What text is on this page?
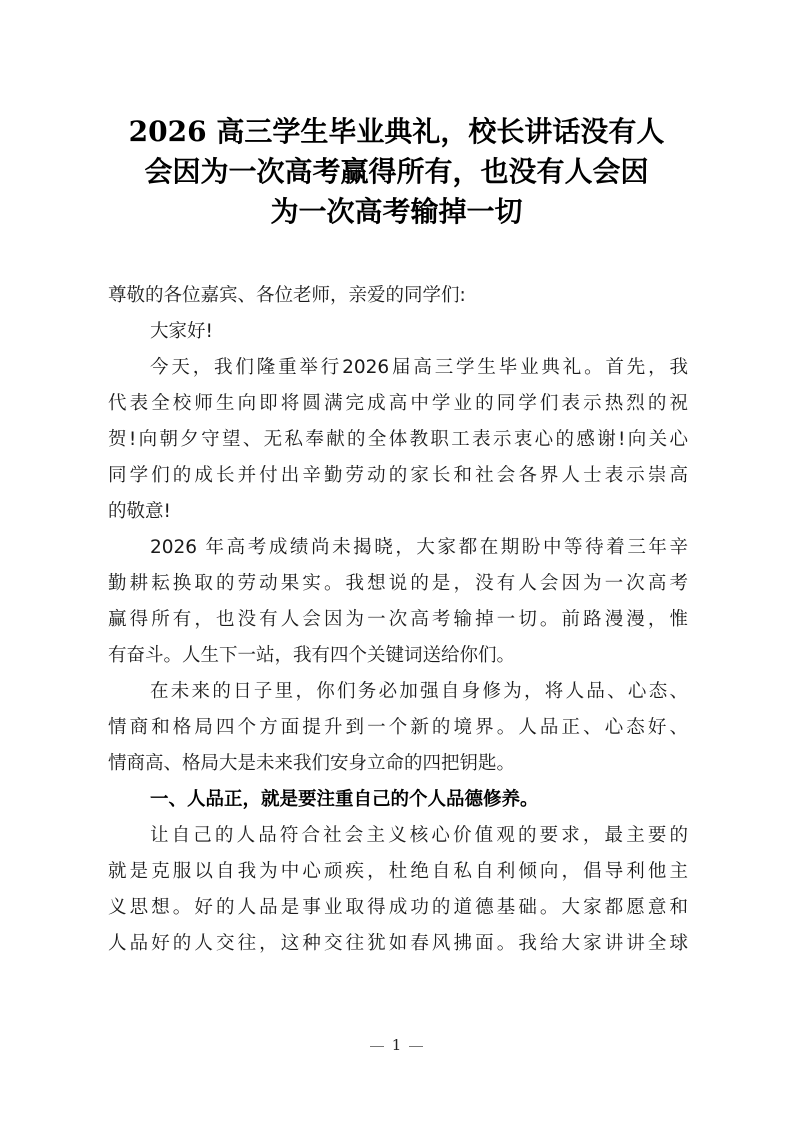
2026 高三学生毕业典礼，校长讲话没有人
会因为一次高考赢得所有，也没有人会因
为一次高考输掉一切
尊敬的各位嘉宾、各位老师，亲爱的同学们:
大家好!
今天，我们隆重举行2026届高三学生毕业典礼。首先，我
代表全校师生向即将圆满完成高中学业的同学们表示热烈的祝
贺!向朝夕守望、无私奉献的全体教职工表示衷心的感谢!向关心
同学们的成长并付出辛勤劳动的家长和社会各界人士表示崇高
的敬意!
2026 年高考成绩尚未揭晓，大家都在期盼中等待着三年辛
勤耕耘换取的劳动果实。我想说的是，没有人会因为一次高考
赢得所有，也没有人会因为一次高考输掉一切。前路漫漫，惟
有奋斗。人生下一站，我有四个关键词送给你们。
在未来的日子里，你们务必加强自身修为，将人品、心态、
情商和格局四个方面提升到一个新的境界。人品正、心态好、
情商高、格局大是未来我们安身立命的四把钥匙。
一、人品正，就是要注重自己的个人品德修养。
让自己的人品符合社会主义核心价值观的要求，最主要的
就是克服以自我为中心顽疾，杜绝自私自利倾向，倡导利他主
义思想。好的人品是事业取得成功的道德基础。大家都愿意和
人品好的人交往，这种交往犹如春风拂面。我给大家讲讲全球
1
